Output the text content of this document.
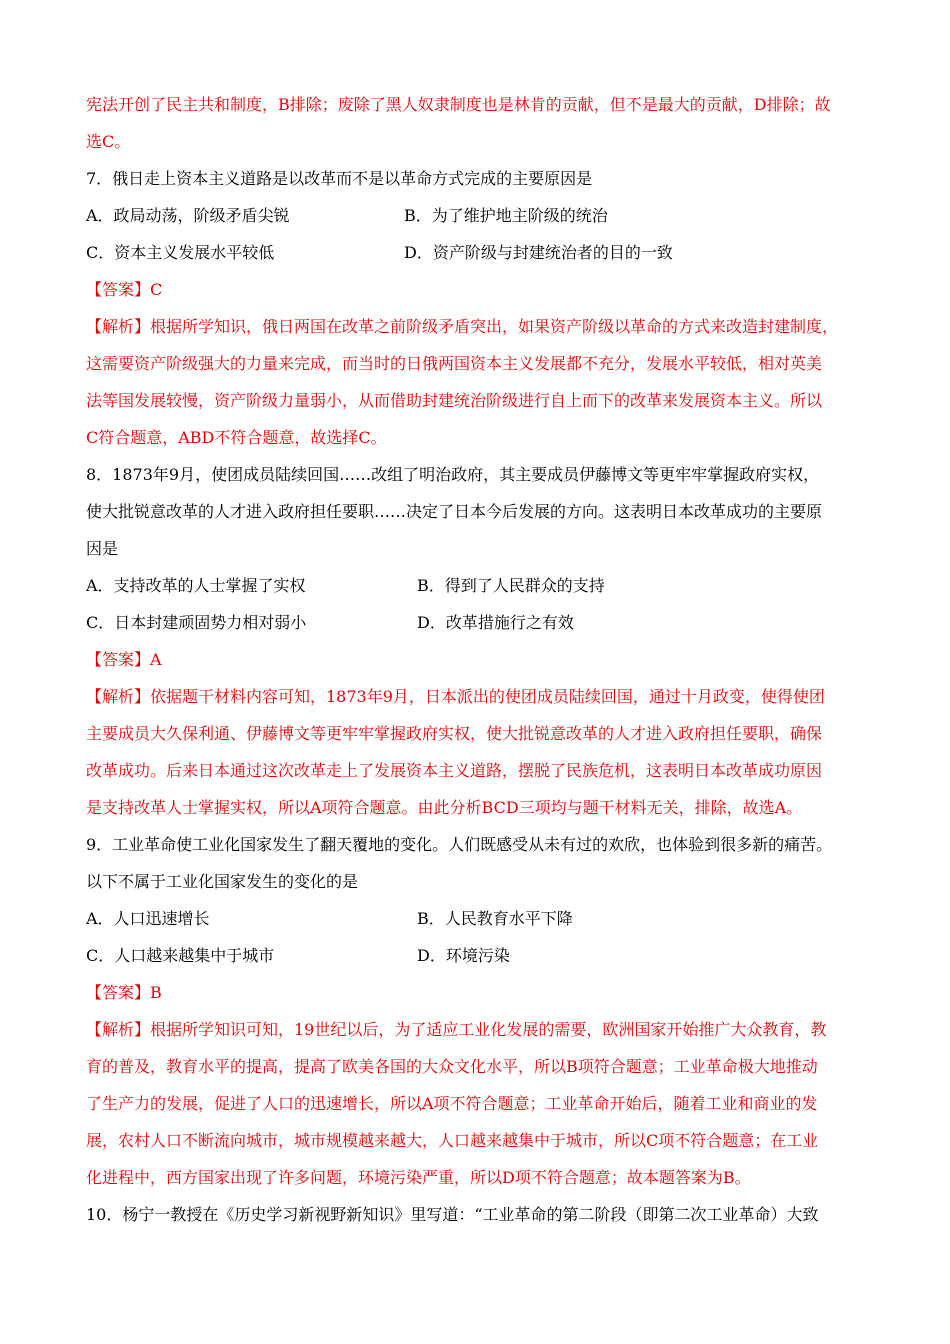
宪法开创了民主共和制度，B排除；废除了黑人奴隶制度也是林肯的贡献，但不是最大的贡献，D排除；故
选C。
7．俄日走上资本主义道路是以改革而不是以革命方式完成的主要原因是
A．政局动荡，阶级矛盾尖锐	B．为了维护地主阶级的统治
C．资本主义发展水平较低	D．资产阶级与封建统治者的目的一致
【答案】C
【解析】根据所学知识，俄日两国在改革之前阶级矛盾突出，如果资产阶级以革命的方式来改造封建制度，
这需要资产阶级强大的力量来完成，而当时的日俄两国资本主义发展都不充分，发展水平较低，相对英美
法等国发展较慢，资产阶级力量弱小，从而借助封建统治阶级进行自上而下的改革来发展资本主义。所以
C符合题意，ABD不符合题意，故选择C。
8．1873年9月，使团成员陆续回国……改组了明治政府，其主要成员伊藤博文等更牢牢掌握政府实权，
使大批锐意改革的人才进入政府担任要职……决定了日本今后发展的方向。这表明日本改革成功的主要原
因是
A．支持改革的人士掌握了实权	B．得到了人民群众的支持
C．日本封建顽固势力相对弱小	D．改革措施行之有效
【答案】A
【解析】依据题干材料内容可知，1873年9月，日本派出的使团成员陆续回国，通过十月政变，使得使团
主要成员大久保利通、伊藤博文等更牢牢掌握政府实权，使大批锐意改革的人才进入政府担任要职，确保
改革成功。后来日本通过这次改革走上了发展资本主义道路，摆脱了民族危机，这表明日本改革成功原因
是支持改革人士掌握实权，所以A项符合题意。由此分析BCD三项均与题干材料无关，排除，故选A。
9．工业革命使工业化国家发生了翻天覆地的变化。人们既感受从未有过的欢欣，也体验到很多新的痛苦。
以下不属于工业化国家发生的变化的是
A．人口迅速增长	B．人民教育水平下降
C．人口越来越集中于城市	D．环境污染
【答案】B
【解析】根据所学知识可知，19世纪以后，为了适应工业化发展的需要，欧洲国家开始推广大众教育，教
育的普及，教育水平的提高，提高了欧美各国的大众文化水平，所以B项符合题意；工业革命极大地推动
了生产力的发展，促进了人口的迅速增长，所以A项不符合题意；工业革命开始后，随着工业和商业的发
展，农村人口不断流向城市，城市规模越来越大，人口越来越集中于城市，所以C项不符合题意；在工业
化进程中，西方国家出现了许多问题，环境污染严重，所以D项不符合题意；故本题答案为B。
10．杨宁一教授在《历史学习新视野新知识》里写道：“工业革命的第二阶段（即第二次工业革命）大致
